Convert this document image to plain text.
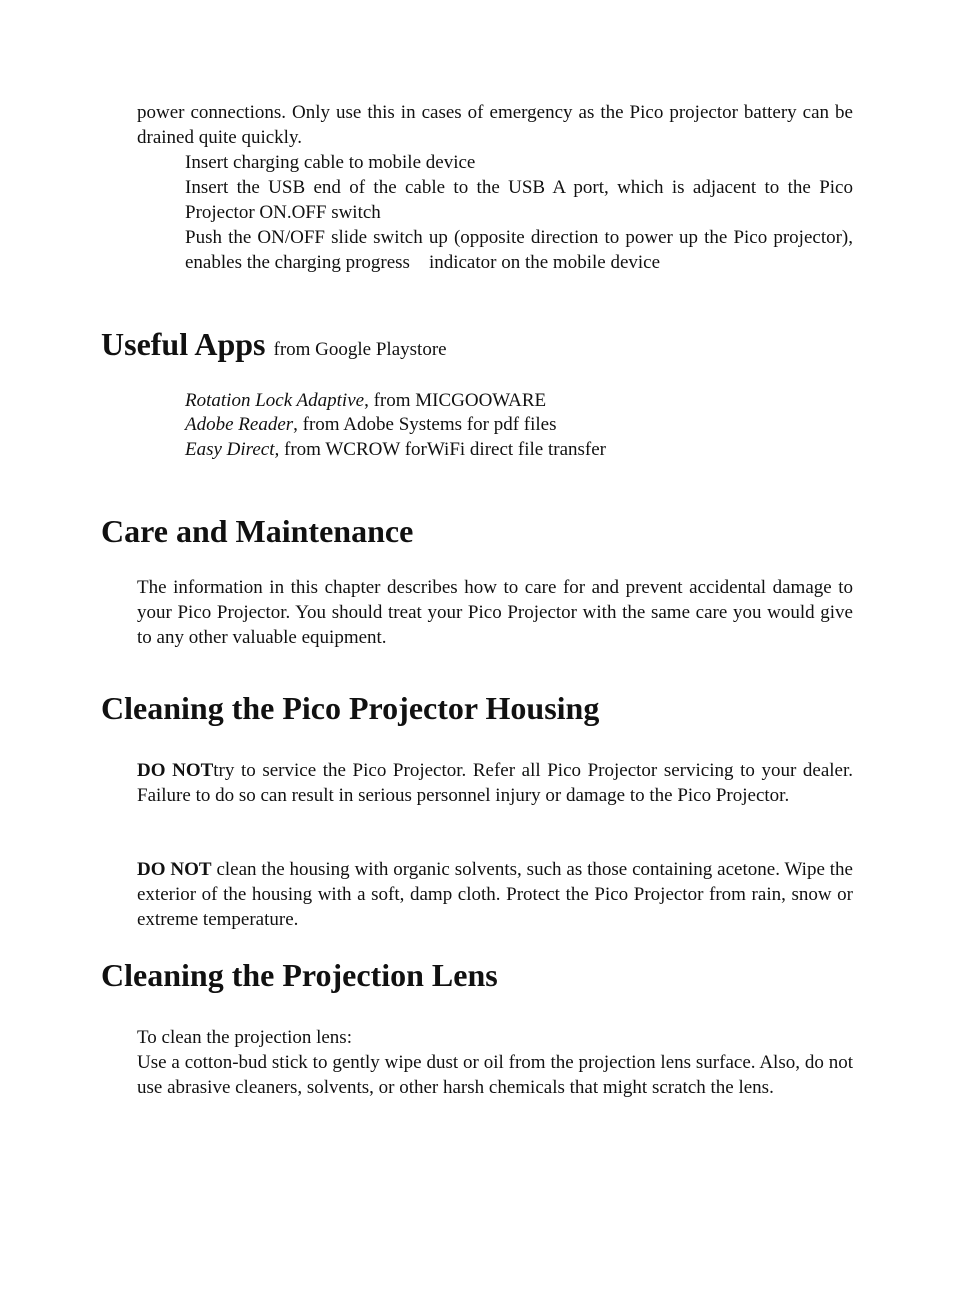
power connections. Only use this in cases of emergency as the Pico projector battery can be drained quite quickly.

Insert charging cable to mobile device

Insert the USB end of the cable to the USB A port, which is adjacent to the Pico Projector ON.OFF switch

Push the ON/OFF slide switch up (opposite direction to power up the Pico projector), enables the charging progress    indicator on the mobile device

Useful Apps from Google Playstore

Rotation Lock Adaptive, from MICGOOWARE

Adobe Reader, from Adobe Systems for pdf files

Easy Direct, from WCROW forWiFi direct file transfer

Care and Maintenance

The information in this chapter describes how to care for and prevent accidental damage to your Pico Projector. You should treat your Pico Projector with the same care you would give to any other valuable equipment.

Cleaning the Pico Projector Housing

DO NOTtry to service the Pico Projector. Refer all Pico Projector servicing to your dealer. Failure to do so can result in serious personnel injury or damage to the Pico Projector.

DO NOT clean the housing with organic solvents, such as those containing acetone. Wipe the exterior of the housing with a soft, damp cloth. Protect the Pico Projector from rain, snow or extreme temperature.

Cleaning the Projection Lens

To clean the projection lens:

Use a cotton-bud stick to gently wipe dust or oil from the projection lens surface. Also, do not use abrasive cleaners, solvents, or other harsh chemicals that might scratch the lens.
